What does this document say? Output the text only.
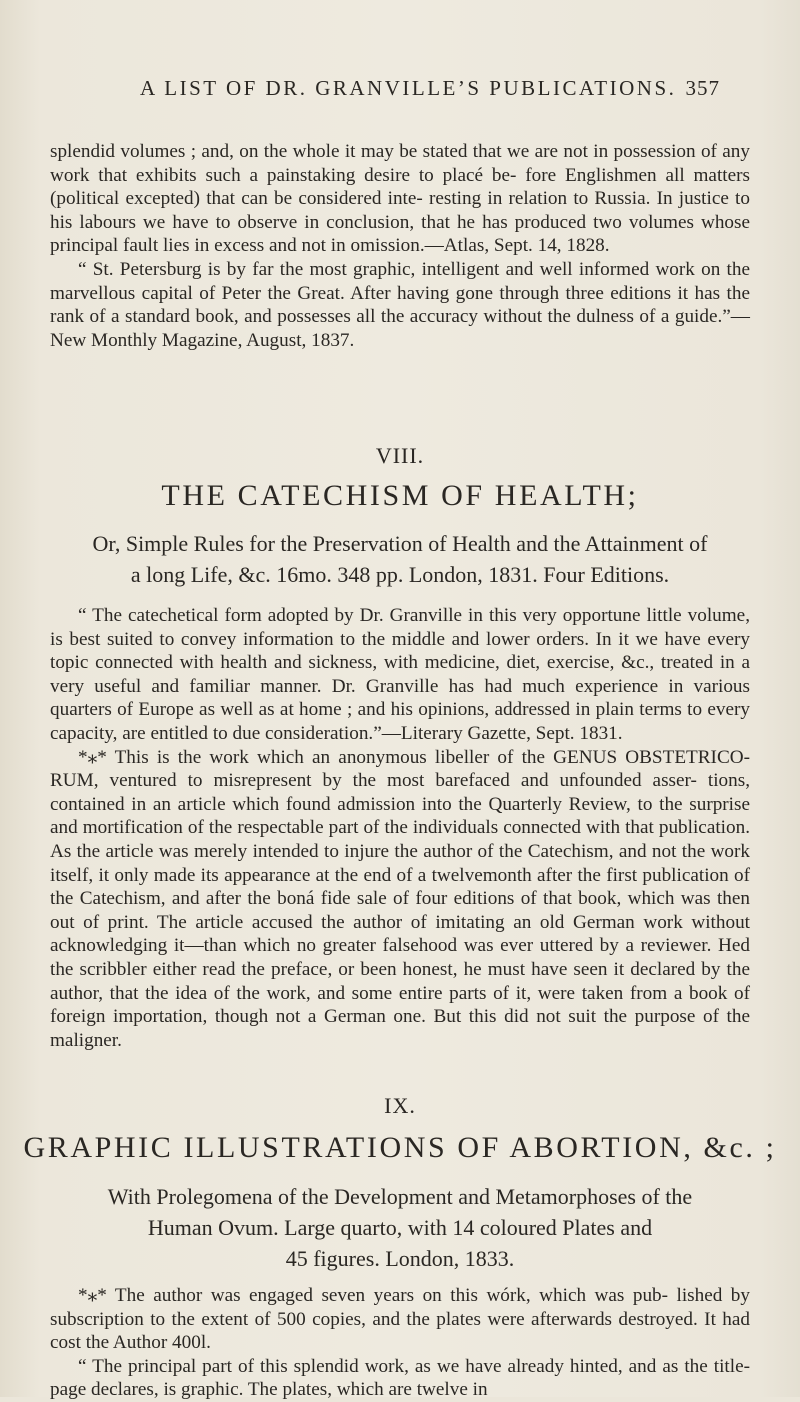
A LIST OF DR. GRANVILLE’S PUBLICATIONS. 357

splendid volumes ; and, on the whole it may be stated that we are not in possession of any work that exhibits such a painstaking desire to placé be- fore Englishmen all matters (political excepted) that can be considered inte- resting in relation to Russia. In justice to his labours we have to observe in conclusion, that he has produced two volumes whose principal fault lies in excess and not in omission.—Atlas, Sept. 14, 1828.

“ St. Petersburg is by far the most graphic, intelligent and well informed work on the marvellous capital of Peter the Great. After having gone through three editions it has the rank of a standard book, and possesses all the accuracy without the dulness of a guide.”—New Monthly Magazine, August, 1837.

VIII.
THE CATECHISM OF HEALTH;

Or, Simple Rules for the Preservation of Health and the Attainment of

a long Life, &c. 16mo. 348 pp. London, 1831. Four Editions.

“ The catechetical form adopted by Dr. Granville in this very opportune little volume, is best suited to convey information to the middle and lower orders. In it we have every topic connected with health and sickness, with medicine, diet, exercise, &c., treated in a very useful and familiar manner. Dr. Granville has had much experience in various quarters of Europe as well as at home ; and his opinions, addressed in plain terms to every capacity, are entitled to due consideration.”—Literary Gazette, Sept. 1831.

*⁎* This is the work which an anonymous libeller of the GENUS OBSTETRICO- RUM, ventured to misrepresent by the most barefaced and unfounded asser- tions, contained in an article which found admission into the Quarterly Review, to the surprise and mortification of the respectable part of the individuals connected with that publication. As the article was merely intended to injure the author of the Catechism, and not the work itself, it only made its appearance at the end of a twelvemonth after the first publication of the Catechism, and after the boná fide sale of four editions of that book, which was then out of print. The article accused the author of imitating an old German work without acknowledging it—than which no greater falsehood was ever uttered by a reviewer. Hed the scribbler either read the preface, or been honest, he must have seen it declared by the author, that the idea of the work, and some entire parts of it, were taken from a book of foreign importation, though not a German one. But this did not suit the purpose of the maligner.

IX.
GRAPHIC ILLUSTRATIONS OF ABORTION, &c. ;

With Prolegomena of the Development and Metamorphoses of the

Human Ovum. Large quarto, with 14 coloured Plates and

45 figures. London, 1833.

*⁎* The author was engaged seven years on this wórk, which was pub- lished by subscription to the extent of 500 copies, and the plates were afterwards destroyed. It had cost the Author 400l.

“ The principal part of this splendid work, as we have already hinted, and as the title-page declares, is graphic. The plates, which are twelve in
